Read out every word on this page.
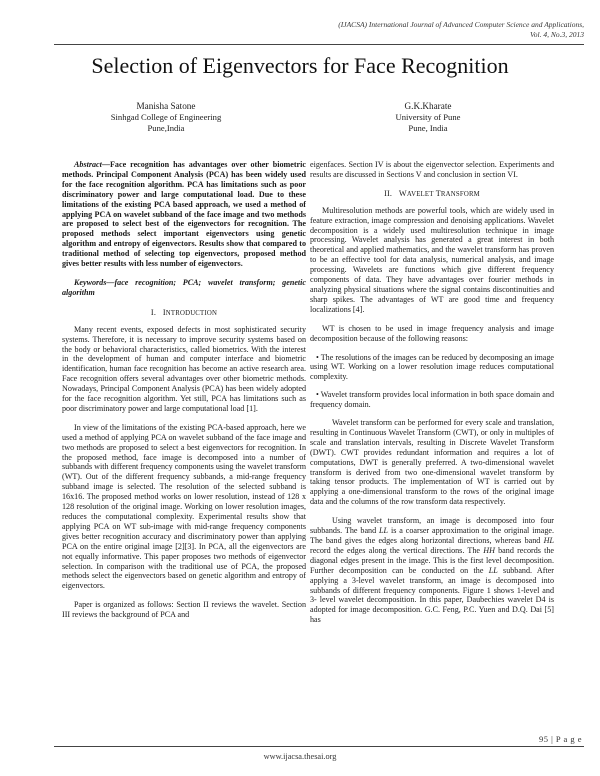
(IJACSA) International Journal of Advanced Computer Science and Applications,
Vol. 4, No.3, 2013
Selection of Eigenvectors for Face Recognition
Manisha Satone
Sinhgad College of Engineering
Pune,India
G.K.Kharate
University of Pune
Pune, India

Abstract—Face recognition has advantages over other biometric methods. Principal Component Analysis (PCA) has been widely used for the face recognition algorithm. PCA has limitations such as poor discriminatory power and large computational load. Due to these limitations of the existing PCA based approach, we used a method of applying PCA on wavelet subband of the face image and two methods are proposed to select best of the eigenvectors for recognition. The proposed methods select important eigenvectors using genetic algorithm and entropy of eigenvectors. Results show that compared to traditional method of selecting top eigenvectors, proposed method gives better results with less number of eigenvectors.

Keywords—face recognition; PCA; wavelet transform; genetic algorithm

I. INTRODUCTION

Many recent events, exposed defects in most sophisticated security systems. Therefore, it is necessary to improve security systems based on the body or behavioral characteristics, called biometrics. With the interest in the development of human and computer interface and biometric identification, human face recognition has become an active research area. Face recognition offers several advantages over other biometric methods. Nowadays, Principal Component Analysis (PCA) has been widely adopted for the face recognition algorithm. Yet still, PCA has limitations such as poor discriminatory power and large computational load [1].

In view of the limitations of the existing PCA-based approach, here we used a method of applying PCA on wavelet subband of the face image and two methods are proposed to select a best eigenvectors for recognition. In the proposed method, face image is decomposed into a number of subbands with different frequency components using the wavelet transform (WT). Out of the different frequency subbands, a mid-range frequency subband image is selected. The resolution of the selected subband is 16x16. The proposed method works on lower resolution, instead of 128 x 128 resolution of the original image. Working on lower resolution images, reduces the computational complexity. Experimental results show that applying PCA on WT sub-image with mid-range frequency components gives better recognition accuracy and discriminatory power than applying PCA on the entire original image [2][3]. In PCA, all the eigenvectors are not equally informative. This paper proposes two methods of eigenvector selection. In comparison with the traditional use of PCA, the proposed methods select the eigenvectors based on genetic algorithm and entropy of eigenvectors.

Paper is organized as follows: Section II reviews the wavelet. Section III reviews the background of PCA and

eigenfaces. Section IV is about the eigenvector selection. Experiments and results are discussed in Sections V and conclusion in section VI.

II. WAVELET TRANSFORM

Multiresolution methods are powerful tools, which are widely used in feature extraction, image compression and denoising applications. Wavelet decomposition is a widely used multiresolution technique in image processing. Wavelet analysis has generated a great interest in both theoretical and applied mathematics, and the wavelet transform has proven to be an effective tool for data analysis, numerical analysis, and image processing. Wavelets are functions which give different frequency components of data. They have advantages over fourier methods in analyzing physical situations where the signal contains discontinuities and sharp spikes. The advantages of WT are good time and frequency localizations [4].

WT is chosen to be used in image frequency analysis and image decomposition because of the following reasons:

• The resolutions of the images can be reduced by decomposing an image using WT. Working on a lower resolution image reduces computational complexity.

• Wavelet transform provides local information in both space domain and frequency domain.

Wavelet transform can be performed for every scale and translation, resulting in Continuous Wavelet Transform (CWT), or only in multiples of scale and translation intervals, resulting in Discrete Wavelet Transform (DWT). CWT provides redundant information and requires a lot of computations, DWT is generally preferred. A two-dimensional wavelet transform is derived from two one-dimensional wavelet transform by taking tensor products. The implementation of WT is carried out by applying a one-dimensional transform to the rows of the original image data and the columns of the row transform data respectively.

Using wavelet transform, an image is decomposed into four subbands. The band LL is a coarser approximation to the original image. The band gives the edges along horizontal directions, whereas band HL record the edges along the vertical directions. The HH band records the diagonal edges present in the image. This is the first level decomposition. Further decomposition can be conducted on the LL subband. After applying a 3-level wavelet transform, an image is decomposed into subbands of different frequency components. Figure 1 shows 1-level and 3- level wavelet decomposition. In this paper, Daubechies wavelet D4 is adopted for image decomposition. G.C. Feng, P.C. Yuen and D.Q. Dai [5] has

95 | P a g e
www.ijacsa.thesai.org
